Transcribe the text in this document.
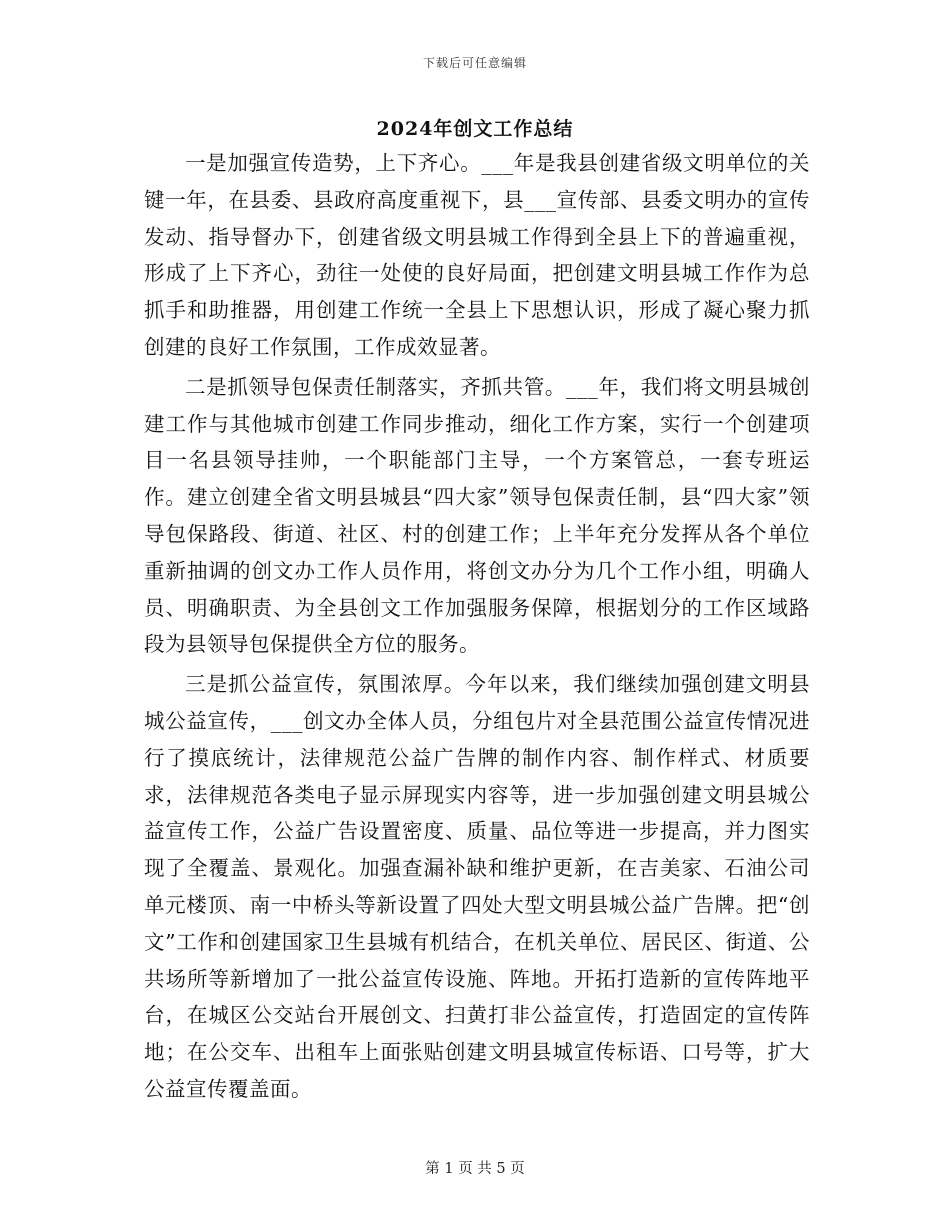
下载后可任意编辑
2024年创文工作总结

一是加强宣传造势，上下齐心。___年是我县创建省级文明单位的关键一年，在县委、县政府高度重视下，县___宣传部、县委文明办的宣传发动、指导督办下，创建省级文明县城工作得到全县上下的普遍重视，形成了上下齐心，劲往一处使的良好局面，把创建文明县城工作作为总抓手和助推器，用创建工作统一全县上下思想认识，形成了凝心聚力抓创建的良好工作氛围，工作成效显著。

二是抓领导包保责任制落实，齐抓共管。___年，我们将文明县城创建工作与其他城市创建工作同步推动，细化工作方案，实行一个创建项目一名县领导挂帅，一个职能部门主导，一个方案管总，一套专班运作。建立创建全省文明县城县“四大家”领导包保责任制，县“四大家”领导包保路段、街道、社区、村的创建工作；上半年充分发挥从各个单位重新抽调的创文办工作人员作用，将创文办分为几个工作小组，明确人员、明确职责、为全县创文工作加强服务保障，根据划分的工作区域路段为县领导包保提供全方位的服务。

三是抓公益宣传，氛围浓厚。今年以来，我们继续加强创建文明县城公益宣传，___创文办全体人员，分组包片对全县范围公益宣传情况进行了摸底统计，法律规范公益广告牌的制作内容、制作样式、材质要求，法律规范各类电子显示屏现实内容等，进一步加强创建文明县城公益宣传工作，公益广告设置密度、质量、品位等进一步提高，并力图实现了全覆盖、景观化。加强查漏补缺和维护更新，在吉美家、石油公司单元楼顶、南一中桥头等新设置了四处大型文明县城公益广告牌。把“创文”工作和创建国家卫生县城有机结合，在机关单位、居民区、街道、公共场所等新增加了一批公益宣传设施、阵地。开拓打造新的宣传阵地平台，在城区公交站台开展创文、扫黄打非公益宣传，打造固定的宣传阵地；在公交车、出租车上面张贴创建文明县城宣传标语、口号等，扩大公益宣传覆盖面。

第 1 页 共 5 页
